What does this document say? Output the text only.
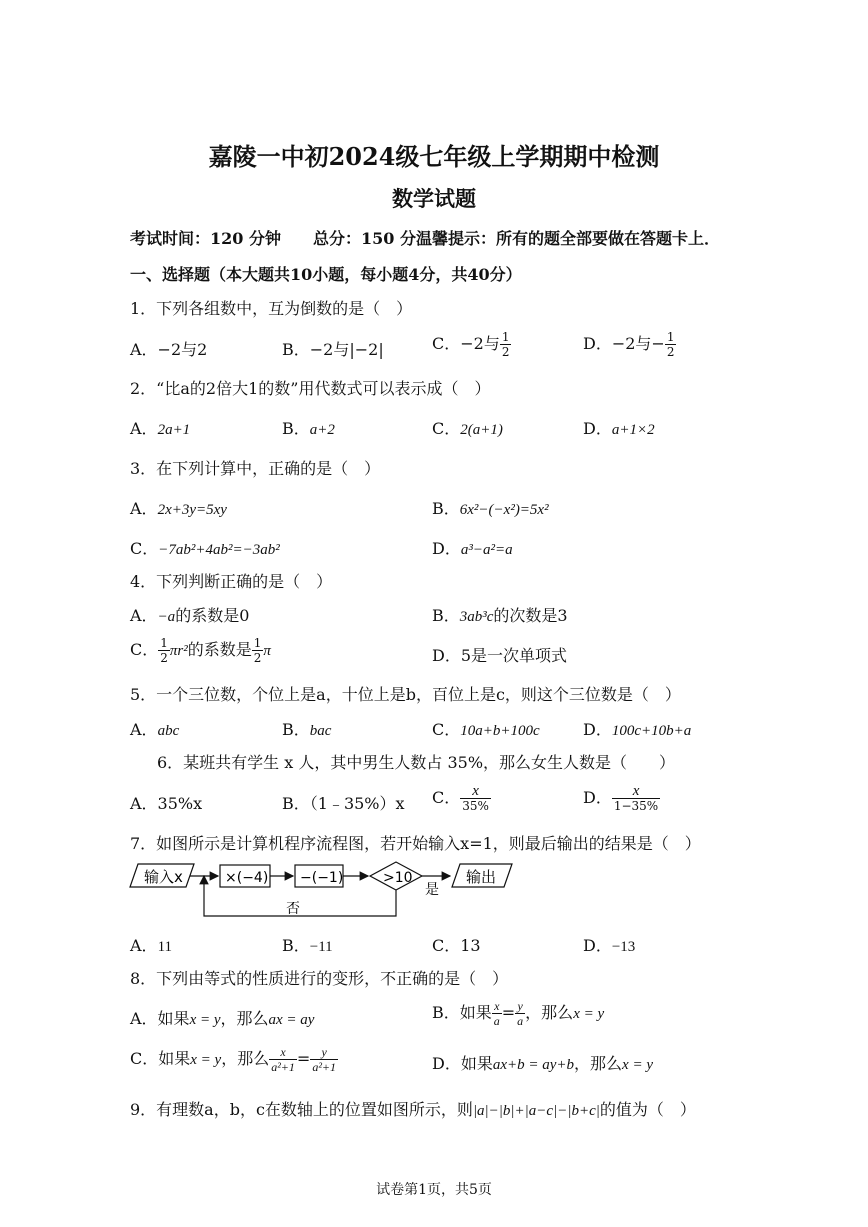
嘉陵一中初2024级七年级上学期期中检测
数学试题
考试时间：120 分钟　　总分：150 分温馨提示：所有的题全部要做在答题卡上．
一、选择题（本大题共10小题，每小题4分，共40分）
1．下列各组数中，互为倒数的是（　）
A．−2与2	B．−2与|−2|	C．−2与 $\frac{1}{2}$	D．−2与− $\frac{1}{2}$
2．“比a的2倍大1的数”用代数式可以表示成（　）
A．2a+1	B．a+2	C．2(a+1)	D．a+1×2
3．在下列计算中，正确的是（　）
A．2x+3y=5xy	B．6x²−(−x²)=5x²
C．−7ab²+4ab²=−3ab²	D．a³−a²=a
4．下列判断正确的是（　）
A．−a的系数是0	B．3ab³c的次数是3
C． $\frac{1}{2} \pi r^2$的系数是 $\frac{1}{2}$ π	D．5是一次单项式
5．一个三位数，个位上是a，十位上是b，百位上是c，则这个三位数是（　）
A．abc	B．bac	C．10a+b+100c	D．100c+10b+a
6．某班共有学生 x 人，其中男生人数占 35%，那么女生人数是（　　）
A．35%x	B．（1﹣35%）x C． $\frac{x}{35\%}$	D． $\frac{x}{1-35\%}$
7．如图所示是计算机程序流程图，若开始输入x=1，则最后输出的结果是（　）
输入x	×(−4) −(−1)	>10
是
输出
否
A．11	B．−11	C．13	D．−13
8．下列由等式的性质进行的变形，不正确的是（　）
A．如果x = y，那么ax = ay	B．如果 $\frac{x}{a} = \frac{y}{a}$ ，那么x = y
C．如果x = y，那么 $\frac{x}{\text{a²+1}} = \frac{y}{\text{a²+1}}$	D．如果ax+b = ay+b，那么x = y
9．有理数a，b，c在数轴上的位置如图所示，则|a|−|b|+|a−c|−|b+c|的值为（　）
试卷第1页，共5页
